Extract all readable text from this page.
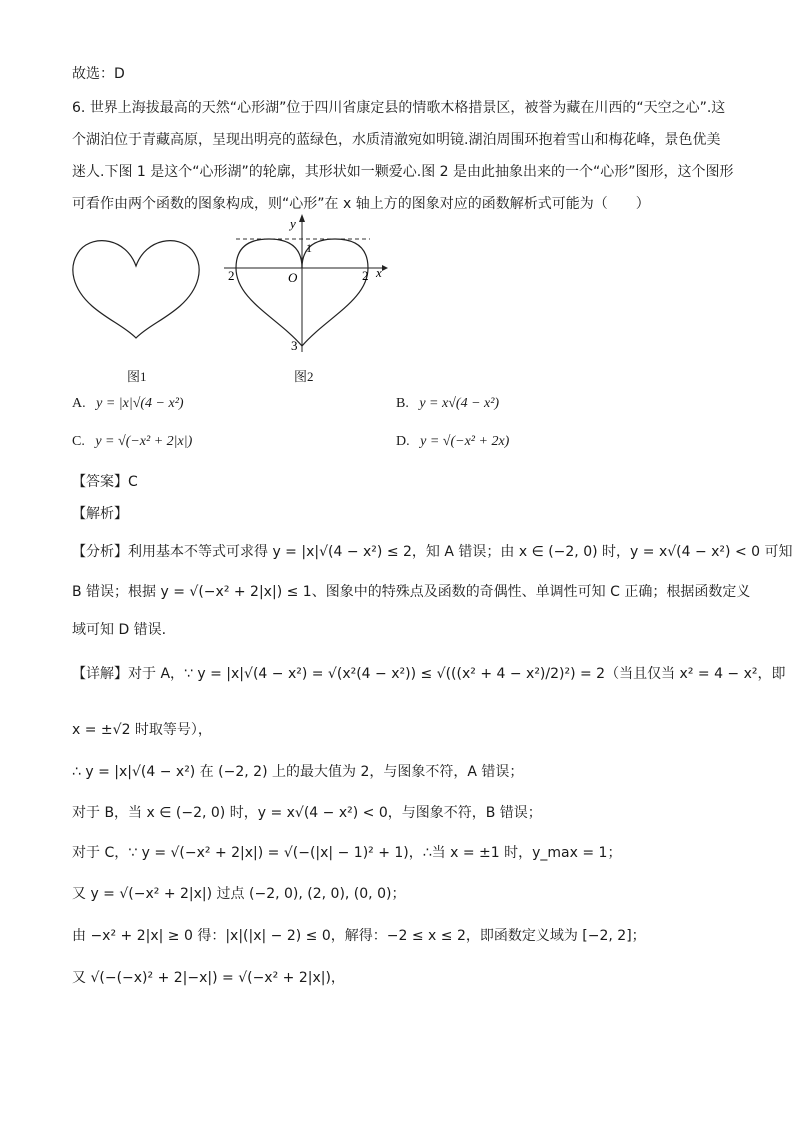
故选：D
6. 世界上海拔最高的天然“心形湖”位于四川省康定县的情歌木格措景区，被誉为藏在川西的“天空之心”.这
个湖泊位于青藏高原，呈现出明亮的蓝绿色，水质清澈宛如明镜.湖泊周围环抱着雪山和梅花峰，景色优美
迷人.下图 1 是这个“心形湖”的轮廓，其形状如一颗爱心.图 2 是由此抽象出来的一个“心形”图形，这个图形
可看作由两个函数的图象构成，则“心形”在 x 轴上方的图象对应的函数解析式可能为（　　）
图1
y
x
1
O
2	2
3
图2
A. y = |x|√(4 − x²)	B. y = x√(4 − x²)
C. y = √(−x² + 2|x|)	D. y = √(−x² + 2x)
【答案】C
【解析】
【分析】利用基本不等式可求得 y = |x|√(4 − x²) ≤ 2，知 A 错误；由 x ∈ (−2, 0) 时，y = x√(4 − x²) < 0 可知
B 错误；根据 y = √(−x² + 2|x|) ≤ 1、图象中的特殊点及函数的奇偶性、单调性可知 C 正确；根据函数定义
域可知 D 错误.
【详解】对于 A，∵ y = |x|√(4 − x²) = √(x²(4 − x²)) ≤ √(((x² + 4 − x²)/2)²) = 2（当且仅当 x² = 4 − x²，即
x = ±√2 时取等号），
∴ y = |x|√(4 − x²) 在 (−2, 2) 上的最大值为 2，与图象不符，A 错误；
对于 B，当 x ∈ (−2, 0) 时，y = x√(4 − x²) < 0，与图象不符，B 错误；
对于 C，∵ y = √(−x² + 2|x|) = √(−(|x| − 1)² + 1)，∴当 x = ±1 时，y_max = 1；
又 y = √(−x² + 2|x|) 过点 (−2, 0), (2, 0), (0, 0)；
由 −x² + 2|x| ≥ 0 得：|x|(|x| − 2) ≤ 0，解得：−2 ≤ x ≤ 2，即函数定义域为 [−2, 2]；
又 √(−(−x)² + 2|−x|) = √(−x² + 2|x|)，
